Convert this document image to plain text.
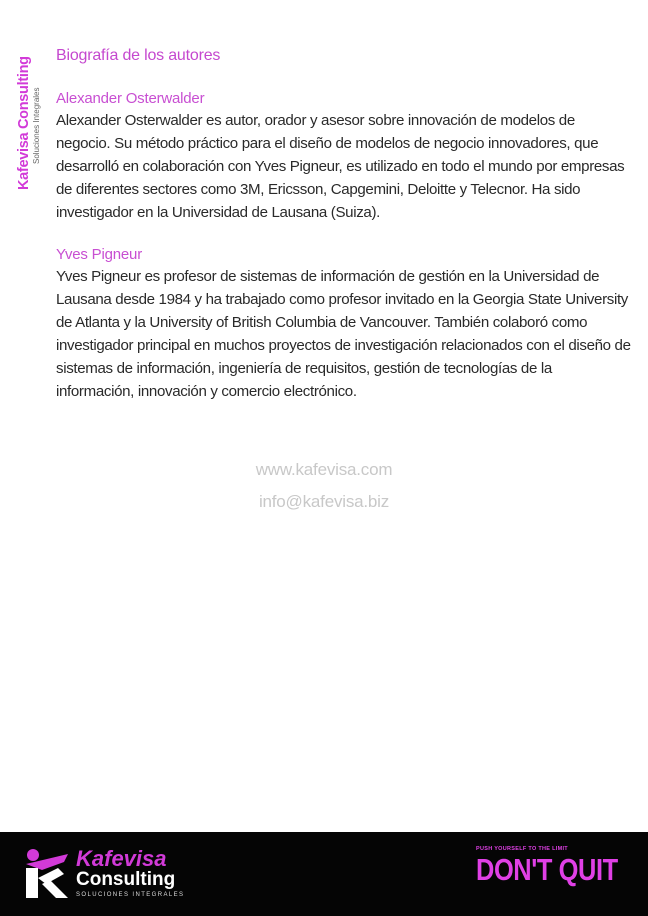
Kafevisa Consulting Soluciones Integrales
Biografía de los autores
Alexander Osterwalder

Alexander Osterwalder es autor, orador y asesor sobre innovación de modelos de negocio. Su método práctico para el diseño de modelos de negocio innovadores, que desarrolló en colaboración con Yves Pigneur, es utilizado en todo el mundo por empresas de diferentes sectores como 3M, Ericsson, Capgemini, Deloitte y Telecnor. Ha sido investigador en la Universidad de Lausana (Suiza).

Yves Pigneur

Yves Pigneur es profesor de sistemas de información de gestión en la Universidad de Lausana desde 1984 y ha trabajado como profesor invitado en la Georgia State University de Atlanta y la University of British Columbia de Vancouver. También colaboró como investigador principal en muchos proyectos de investigación relacionados con el diseño de sistemas de información, ingeniería de requisitos, gestión de tecnologías de la información, innovación y comercio electrónico.

www.kafevisa.com
info@kafevisa.biz
Kafevisa
Consulting
SOLUCIONES INTEGRALES
PUSH YOURSELF TO THE LIMIT
DON'T QUIT
